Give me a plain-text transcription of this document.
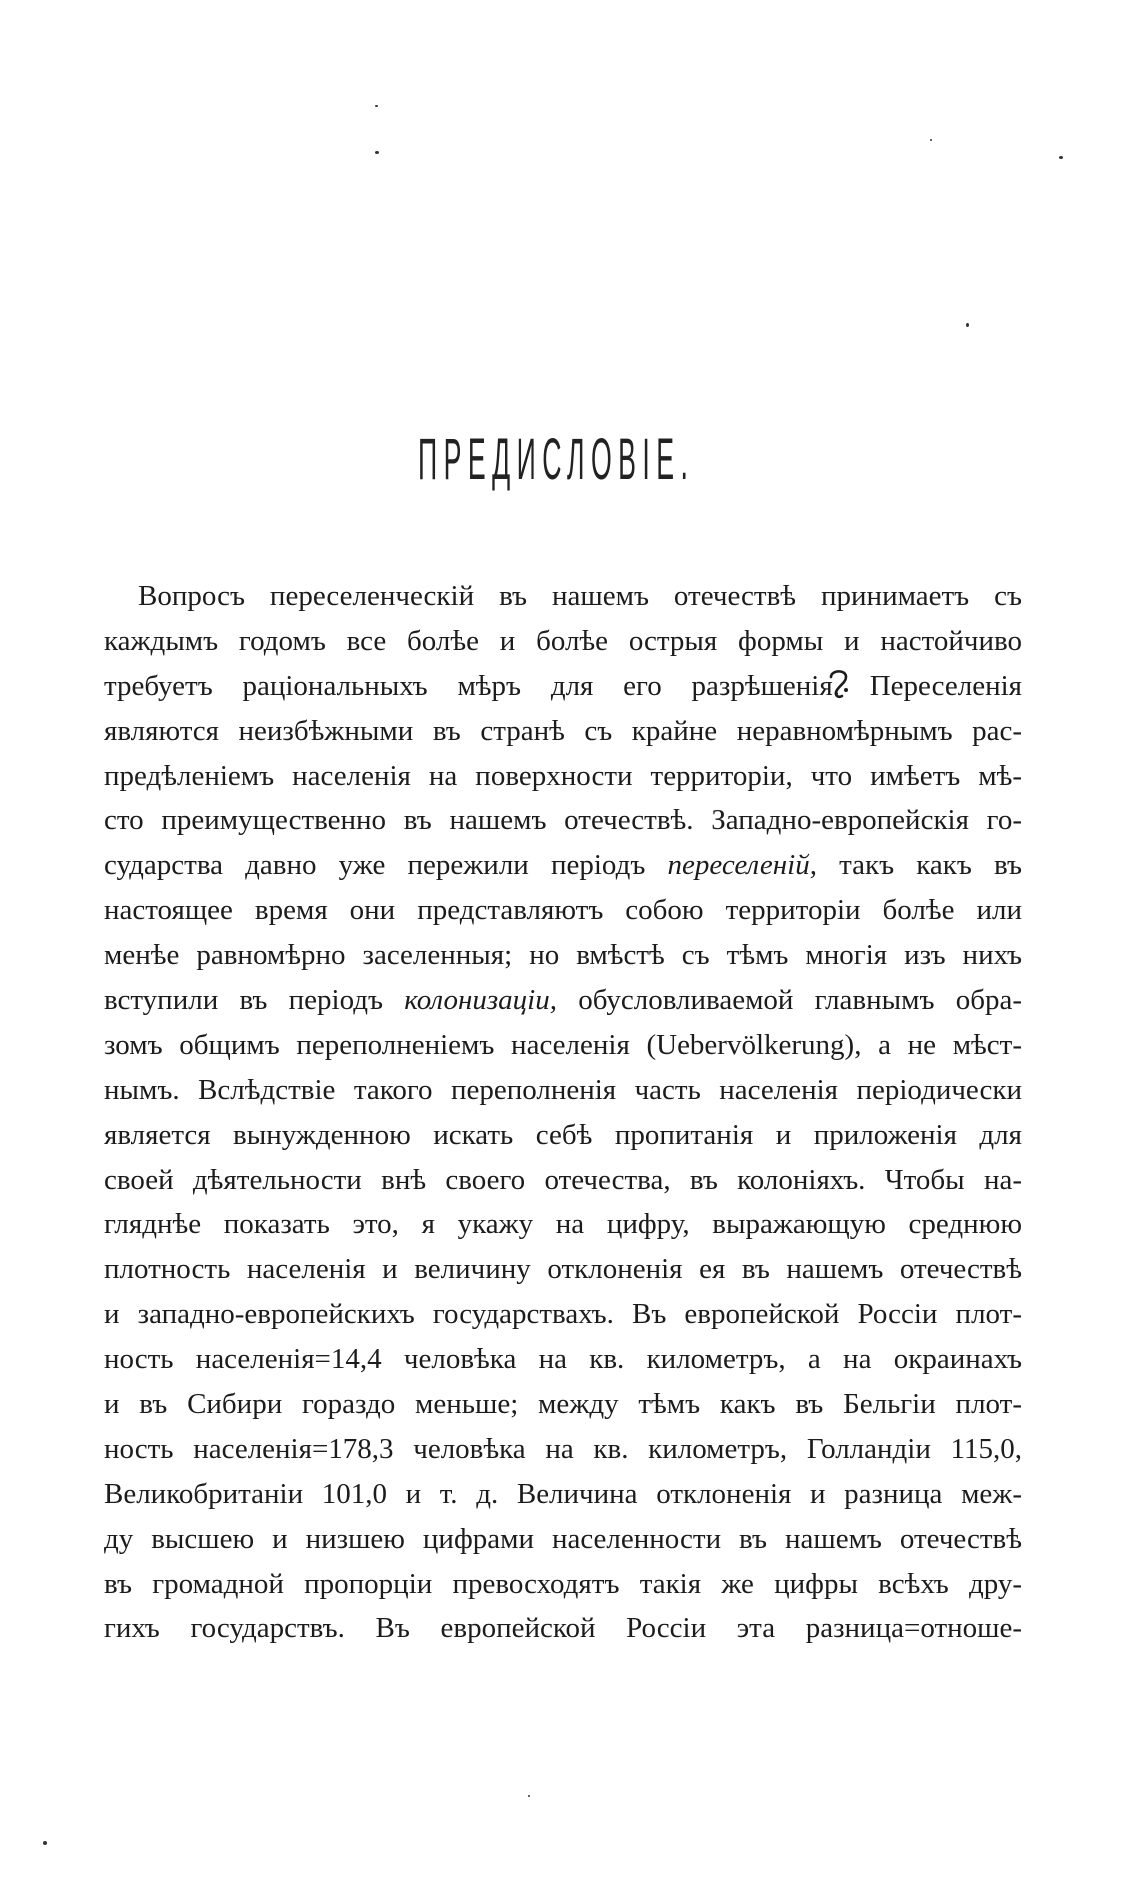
ПРЕДИСЛОВІЕ.
Вопросъ переселенческій въ нашемъ отечествѣ принимаетъ съ
каждымъ годомъ все болѣе и болѣе острыя формы и настойчиво
требуетъ раціональныхъ мѣръ для его разрѣшенія. Переселенія
являются неизбѣжными въ странѣ съ крайне неравномѣрнымъ рас-
предѣленіемъ населенія на поверхности территоріи, что имѣетъ мѣ-
сто преимущественно въ нашемъ отечествѣ. Западно-европейскія го-
сударства давно уже пережили періодъ переселеній, такъ какъ въ
настоящее время они представляютъ собою территоріи болѣе или
менѣе равномѣрно заселенныя; но вмѣстѣ съ тѣмъ многія изъ нихъ
вступили въ періодъ колонизаціи, обусловливаемой главнымъ обра-
зомъ общимъ переполненіемъ населенія (Uebervölkerung), а не мѣст-
нымъ. Вслѣдствіе такого переполненія часть населенія періодически
является вынужденною искать себѣ пропитанія и приложенія для
своей дѣятельности внѣ своего отечества, въ колоніяхъ. Чтобы на-
гляднѣе показать это, я укажу на цифру, выражающую среднюю
плотность населенія и величину отклоненія ея въ нашемъ отечествѣ
и западно-европейскихъ государствахъ. Въ европейской Россіи плот-
ность населенія=14,4 человѣка на кв. километръ, а на окраинахъ
и въ Сибири гораздо меньше; между тѣмъ какъ въ Бельгіи плот-
ность населенія=178,3 человѣка на кв. километръ, Голландіи 115,0,
Великобританіи 101,0 и т. д. Величина отклоненія и разница меж-
ду высшею и низшею цифрами населенности въ нашемъ отечествѣ
въ громадной пропорціи превосходятъ такія же цифры всѣхъ дру-
гихъ государствъ. Въ европейской Россіи эта разница=отноше-
